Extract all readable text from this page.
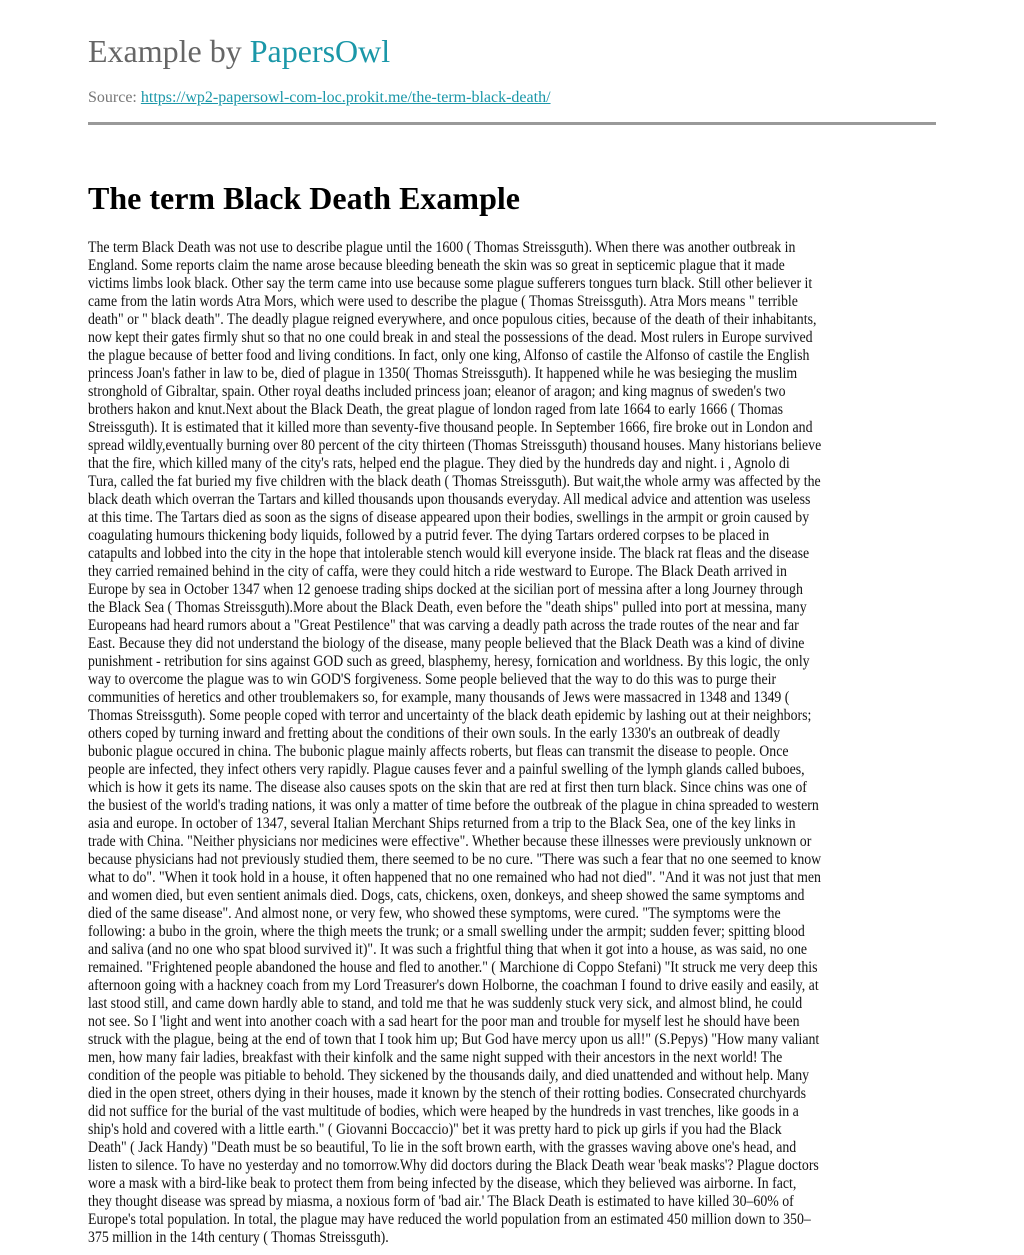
Example by PapersOwl
Source: https://wp2-papersowl-com-loc.prokit.me/the-term-black-death/
The term Black Death Example
The term Black Death was not use to describe plague until the 1600 ( Thomas Streissguth). When there was another outbreak in
England. Some reports claim the name arose because bleeding beneath the skin was so great in septicemic plague that it made
victims limbs look black. Other say the term came into use because some plague sufferers tongues turn black. Still other believer it
came from the latin words Atra Mors, which were used to describe the plague ( Thomas Streissguth). Atra Mors means " terrible
death" or " black death". The deadly plague reigned everywhere, and once populous cities, because of the death of their inhabitants,
now kept their gates firmly shut so that no one could break in and steal the possessions of the dead. Most rulers in Europe survived
the plague because of better food and living conditions. In fact, only one king, Alfonso of castile the Alfonso of castile the English
princess Joan's father in law to be, died of plague in 1350( Thomas Streissguth). It happened while he was besieging the muslim
stronghold of Gibraltar, spain. Other royal deaths included princess joan; eleanor of aragon; and king magnus of sweden's two
brothers hakon and knut.Next about the Black Death, the great plague of london raged from late 1664 to early 1666 ( Thomas
Streissguth). It is estimated that it killed more than seventy-five thousand people. In September 1666, fire broke out in London and
spread wildly,eventually burning over 80 percent of the city thirteen (Thomas Streissguth) thousand houses. Many historians believe
that the fire, which killed many of the city's rats, helped end the plague. They died by the hundreds day and night. i , Agnolo di
Tura, called the fat buried my five children with the black death ( Thomas Streissguth). But wait,the whole army was affected by the
black death which overran the Tartars and killed thousands upon thousands everyday. All medical advice and attention was useless
at this time. The Tartars died as soon as the signs of disease appeared upon their bodies, swellings in the armpit or groin caused by
coagulating humours thickening body liquids, followed by a putrid fever. The dying Tartars ordered corpses to be placed in
catapults and lobbed into the city in the hope that intolerable stench would kill everyone inside. The black rat fleas and the disease
they carried remained behind in the city of caffa, were they could hitch a ride westward to Europe. The Black Death arrived in
Europe by sea in October 1347 when 12 genoese trading ships docked at the sicilian port of messina after a long Journey through
the Black Sea ( Thomas Streissguth).More about the Black Death, even before the "death ships" pulled into port at messina, many
Europeans had heard rumors about a "Great Pestilence" that was carving a deadly path across the trade routes of the near and far
East. Because they did not understand the biology of the disease, many people believed that the Black Death was a kind of divine
punishment - retribution for sins against GOD such as greed, blasphemy, heresy, fornication and worldness. By this logic, the only
way to overcome the plague was to win GOD'S forgiveness. Some people believed that the way to do this was to purge their
communities of heretics and other troublemakers so, for example, many thousands of Jews were massacred in 1348 and 1349 (
Thomas Streissguth). Some people coped with terror and uncertainty of the black death epidemic by lashing out at their neighbors;
others coped by turning inward and fretting about the conditions of their own souls. In the early 1330's an outbreak of deadly
bubonic plague occured in china. The bubonic plague mainly affects roberts, but fleas can transmit the disease to people. Once
people are infected, they infect others very rapidly. Plague causes fever and a painful swelling of the lymph glands called buboes,
which is how it gets its name. The disease also causes spots on the skin that are red at first then turn black. Since chins was one of
the busiest of the world's trading nations, it was only a matter of time before the outbreak of the plague in china spreaded to western
asia and europe. In october of 1347, several Italian Merchant Ships returned from a trip to the Black Sea, one of the key links in
trade with China. "Neither physicians nor medicines were effective". Whether because these illnesses were previously unknown or
because physicians had not previously studied them, there seemed to be no cure. "There was such a fear that no one seemed to know
what to do". "When it took hold in a house, it often happened that no one remained who had not died". "And it was not just that men
and women died, but even sentient animals died. Dogs, cats, chickens, oxen, donkeys, and sheep showed the same symptoms and
died of the same disease". And almost none, or very few, who showed these symptoms, were cured. "The symptoms were the
following: a bubo in the groin, where the thigh meets the trunk; or a small swelling under the armpit; sudden fever; spitting blood
and saliva (and no one who spat blood survived it)". It was such a frightful thing that when it got into a house, as was said, no one
remained. "Frightened people abandoned the house and fled to another." ( Marchione di Coppo Stefani) "It struck me very deep this
afternoon going with a hackney coach from my Lord Treasurer's down Holborne, the coachman I found to drive easily and easily, at
last stood still, and came down hardly able to stand, and told me that he was suddenly stuck very sick, and almost blind, he could
not see. So I 'light and went into another coach with a sad heart for the poor man and trouble for myself lest he should have been
struck with the plague, being at the end of town that I took him up; But God have mercy upon us all!" (S.Pepys) "How many valiant
men, how many fair ladies, breakfast with their kinfolk and the same night supped with their ancestors in the next world! The
condition of the people was pitiable to behold. They sickened by the thousands daily, and died unattended and without help. Many
died in the open street, others dying in their houses, made it known by the stench of their rotting bodies. Consecrated churchyards
did not suffice for the burial of the vast multitude of bodies, which were heaped by the hundreds in vast trenches, like goods in a
ship's hold and covered with a little earth." ( Giovanni Boccaccio)" bet it was pretty hard to pick up girls if you had the Black
Death" ( Jack Handy) "Death must be so beautiful, To lie in the soft brown earth, with the grasses waving above one's head, and
listen to silence. To have no yesterday and no tomorrow.Why did doctors during the Black Death wear 'beak masks'? Plague doctors
wore a mask with a bird-like beak to protect them from being infected by the disease, which they believed was airborne. In fact,
they thought disease was spread by miasma, a noxious form of 'bad air.' The Black Death is estimated to have killed 30–60% of
Europe's total population. In total, the plague may have reduced the world population from an estimated 450 million down to 350–
375 million in the 14th century ( Thomas Streissguth).
